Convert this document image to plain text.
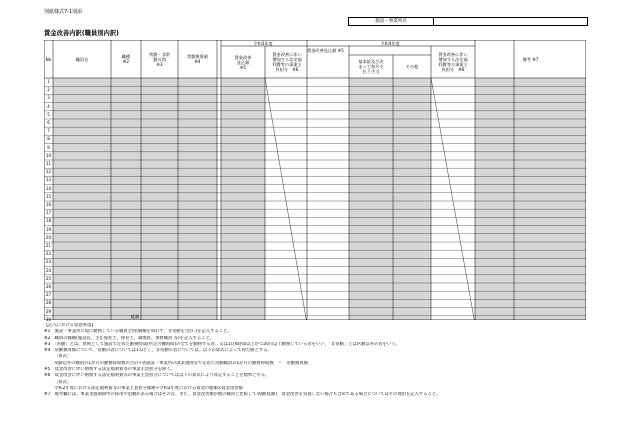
別紙様式7-1別添
施設・事業所名
賃金改善内訳(職員別内訳)
No	職員名	職種
※2
常勤・非常
勤の別
※3
常勤換算値
※4
令和3年度
賃金改善
見込額
※5
賃金改善に伴い
増加する法定福
利費等の事業主
負担分　※6
令和4年度
賃金改善見込額 ※5
基本給及び決
まって毎月支
払う手当
その他
賃金改善に伴い
増加する法定福
利費等の事業主
負担分　※6
備考 ※7
1
2
3
4
5
6
7
8
9
10
11
12
13
14
15
16
17
18
19
20
21
22
23
24
25
26
27
28
29
30
総額
【記入における留意事項】
※1　施設・事業所に現に勤務している職員全員(職種を問わず、非常勤を含む。)を記入すること。
※2　職員の職種(施設長、主任保育士、保育士、調理員、事務職員 等)を記入すること。
※3　「常勤」とは、原則として施設で定めた勤務時間(所定労働時間)の全てを勤務する者、又は1日6時間以上かつ20日以上勤務している者をいい、「非常勤」とは常勤以外の者をいう。
※4　常勤換算値について、常勤の者については1.0とし、非常勤の者については、以下の算式によって得た値とする。
［算式］
常勤以外の職員の1か月の勤務時間数の合計÷各施設・事業所の就業規則等で定めた常勤職員の1か月の勤務時間数　＝　常勤換算値
※5　賃金改善に伴い増加する法定福利費等の事業主負担分を除く。
※6　賃金改善に伴い増加する法定福利費等の事業主負担分については以下の算式により算定することを標準とする。
［算式］
令和2年度における法定福利費等の事業主負担分総額÷令和2年度における賃金の総額×賃金改善額
※7　備考欄には、事業実施期間中の採用や退職がある場合はその旨、また、賃金改善額が他の職員と比較して高額(低額)、賃金改善を実施しない場合も含めてある場合についてはその理由を記入すること。
